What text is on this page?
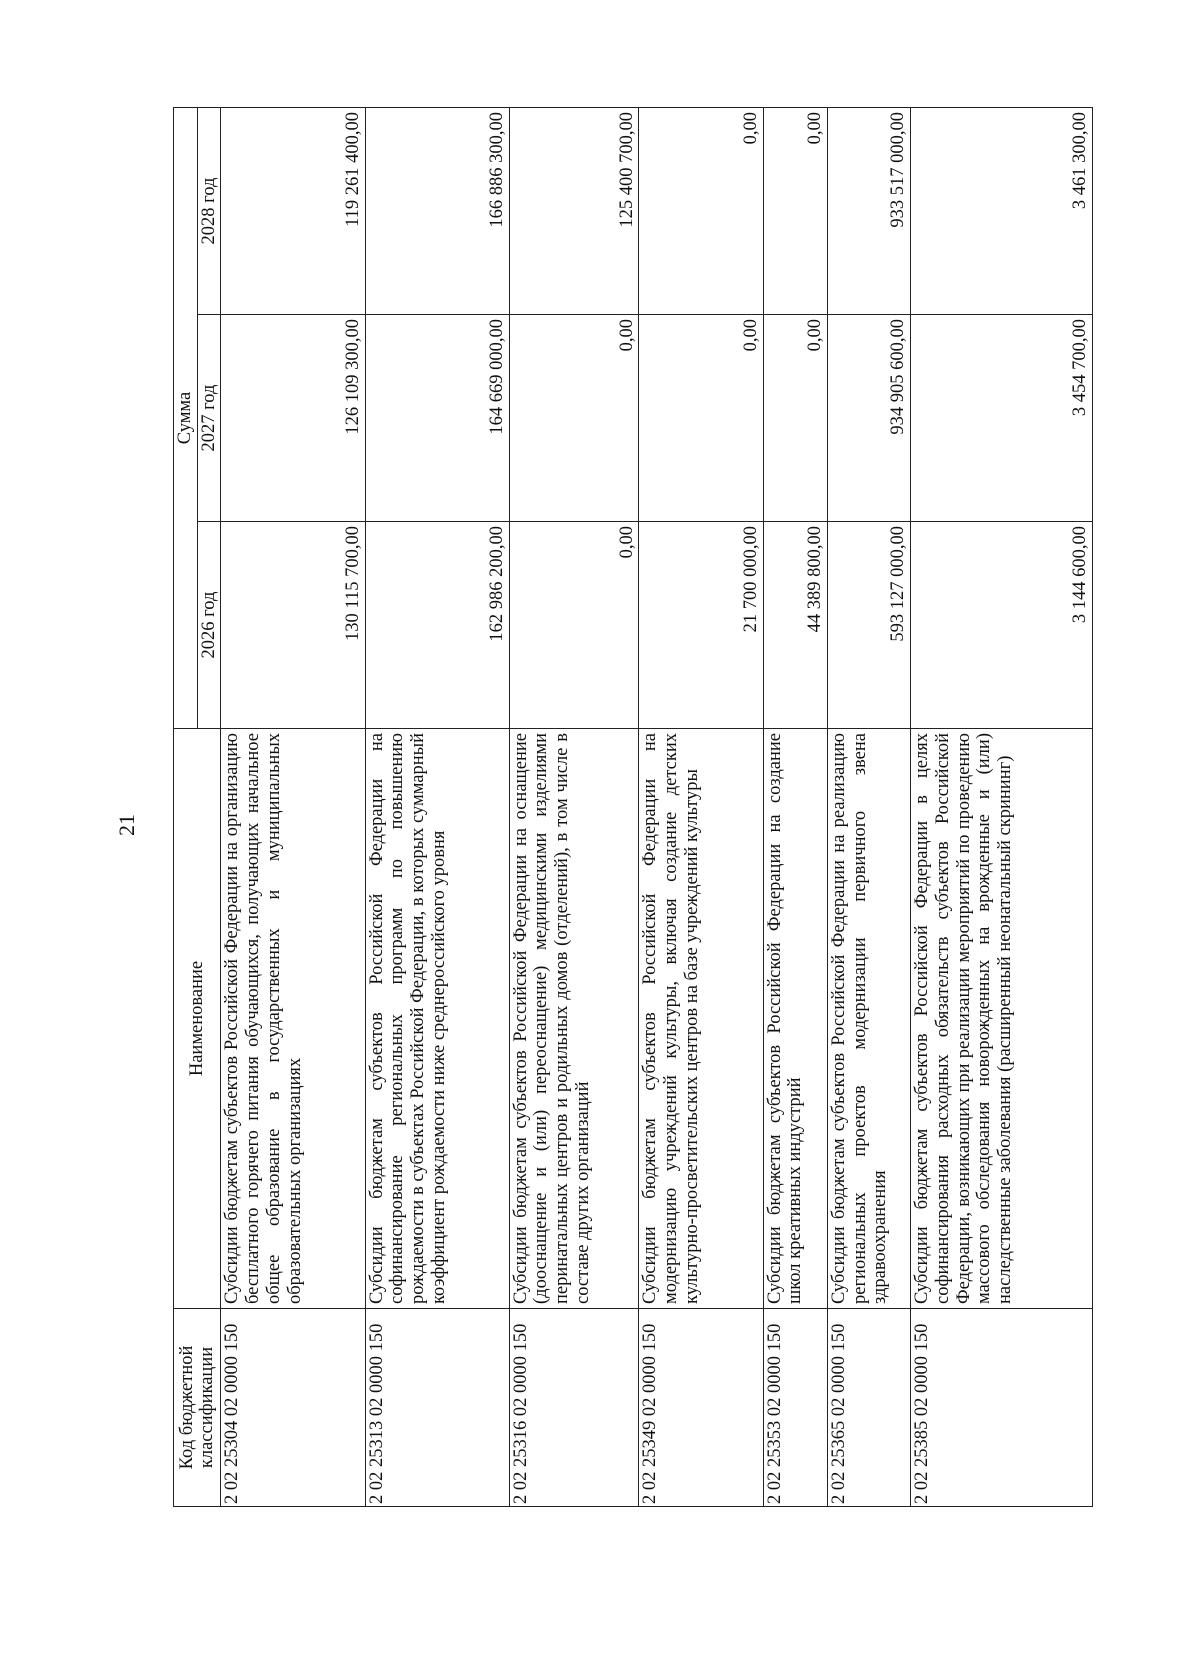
21
Код бюджетной классификации	Наименование	Сумма		
		2026 год	2027 год	2028 год
2 02 25304 02 0000 150	Субсидии бюджетам субъектов Российской Федерации на организацию бесплатного горячего питания обучающихся, получающих начальное общее образование в государственных и муниципальных образовательных организациях	130 115 700,00	126 109 300,00	119 261 400,00
2 02 25313 02 0000 150	Субсидии бюджетам субъектов Российской Федерации на софинансирование региональных программ по повышению рождаемости в субъектах Российской Федерации, в которых суммарный коэффициент рождаемости ниже среднероссийского уровня	162 986 200,00	164 669 000,00	166 886 300,00
2 02 25316 02 0000 150	Субсидии бюджетам субъектов Российской Федерации на оснащение (дооснащение и (или) переоснащение) медицинскими изделиями перинатальных центров и родильных домов (отделений), в том числе в составе других организаций	0,00	0,00	125 400 700,00
2 02 25349 02 0000 150	Субсидии бюджетам субъектов Российской Федерации на модернизацию учреждений культуры, включая создание детских культурно-просветительских центров на базе учреждений культуры	21 700 000,00	0,00	0,00
2 02 25353 02 0000 150	Субсидии бюджетам субъектов Российской Федерации на создание школ креативных индустрий	44 389 800,00	0,00	0,00
2 02 25365 02 0000 150	Субсидии бюджетам субъектов Российской Федерации на реализацию региональных проектов модернизации первичного звена здравоохранения	593 127 000,00	934 905 600,00	933 517 000,00
2 02 25385 02 0000 150	Субсидии бюджетам субъектов Российской Федерации в целях софинансирования расходных обязательств субъектов Российской Федерации, возникающих при реализации мероприятий по проведению массового обследования новорожденных на врожденные и (или) наследственные заболевания (расширенный неонатальный скрининг)	3 144 600,00	3 454 700,00	3 461 300,00
